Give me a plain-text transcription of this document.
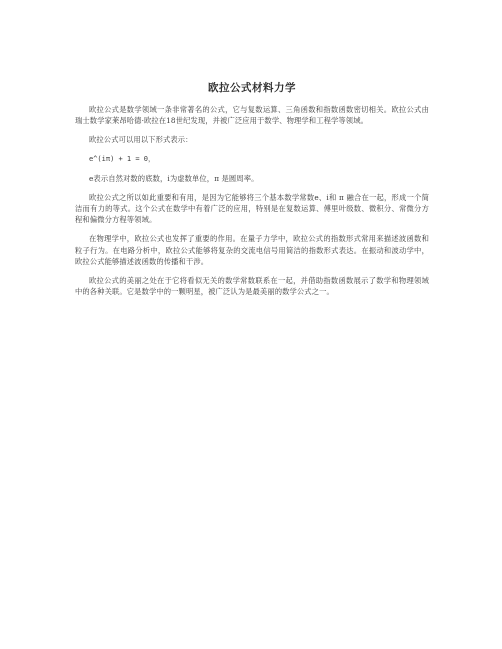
欧拉公式材料力学

欧拉公式是数学领域一条非常著名的公式，它与复数运算、三角函数和指数函数密切相关。欧拉公式由瑞士数学家莱昂哈德·欧拉在18世纪发现，并被广泛应用于数学、物理学和工程学等领域。

欧拉公式可以用以下形式表示：

e^(iπ) + 1 = 0，

e表示自然对数的底数，i为虚数单位，π 是圆周率。

欧拉公式之所以如此重要和有用，是因为它能够将三个基本数学常数e、i和 π 融合在一起，形成一个简洁而有力的等式。这个公式在数学中有着广泛的应用，特别是在复数运算、傅里叶级数、微积分、常微分方程和偏微分方程等领域。

在物理学中，欧拉公式也发挥了重要的作用。在量子力学中，欧拉公式的指数形式常用来描述波函数和粒子行为。在电路分析中，欧拉公式能够将复杂的交流电信号用简洁的指数形式表达。在振动和波动学中，欧拉公式能够描述波函数的传播和干涉。

欧拉公式的美丽之处在于它将看似无关的数学常数联系在一起，并借助指数函数展示了数学和物理领域中的各种关联。它是数学中的一颗明星，被广泛认为是最美丽的数学公式之一。
